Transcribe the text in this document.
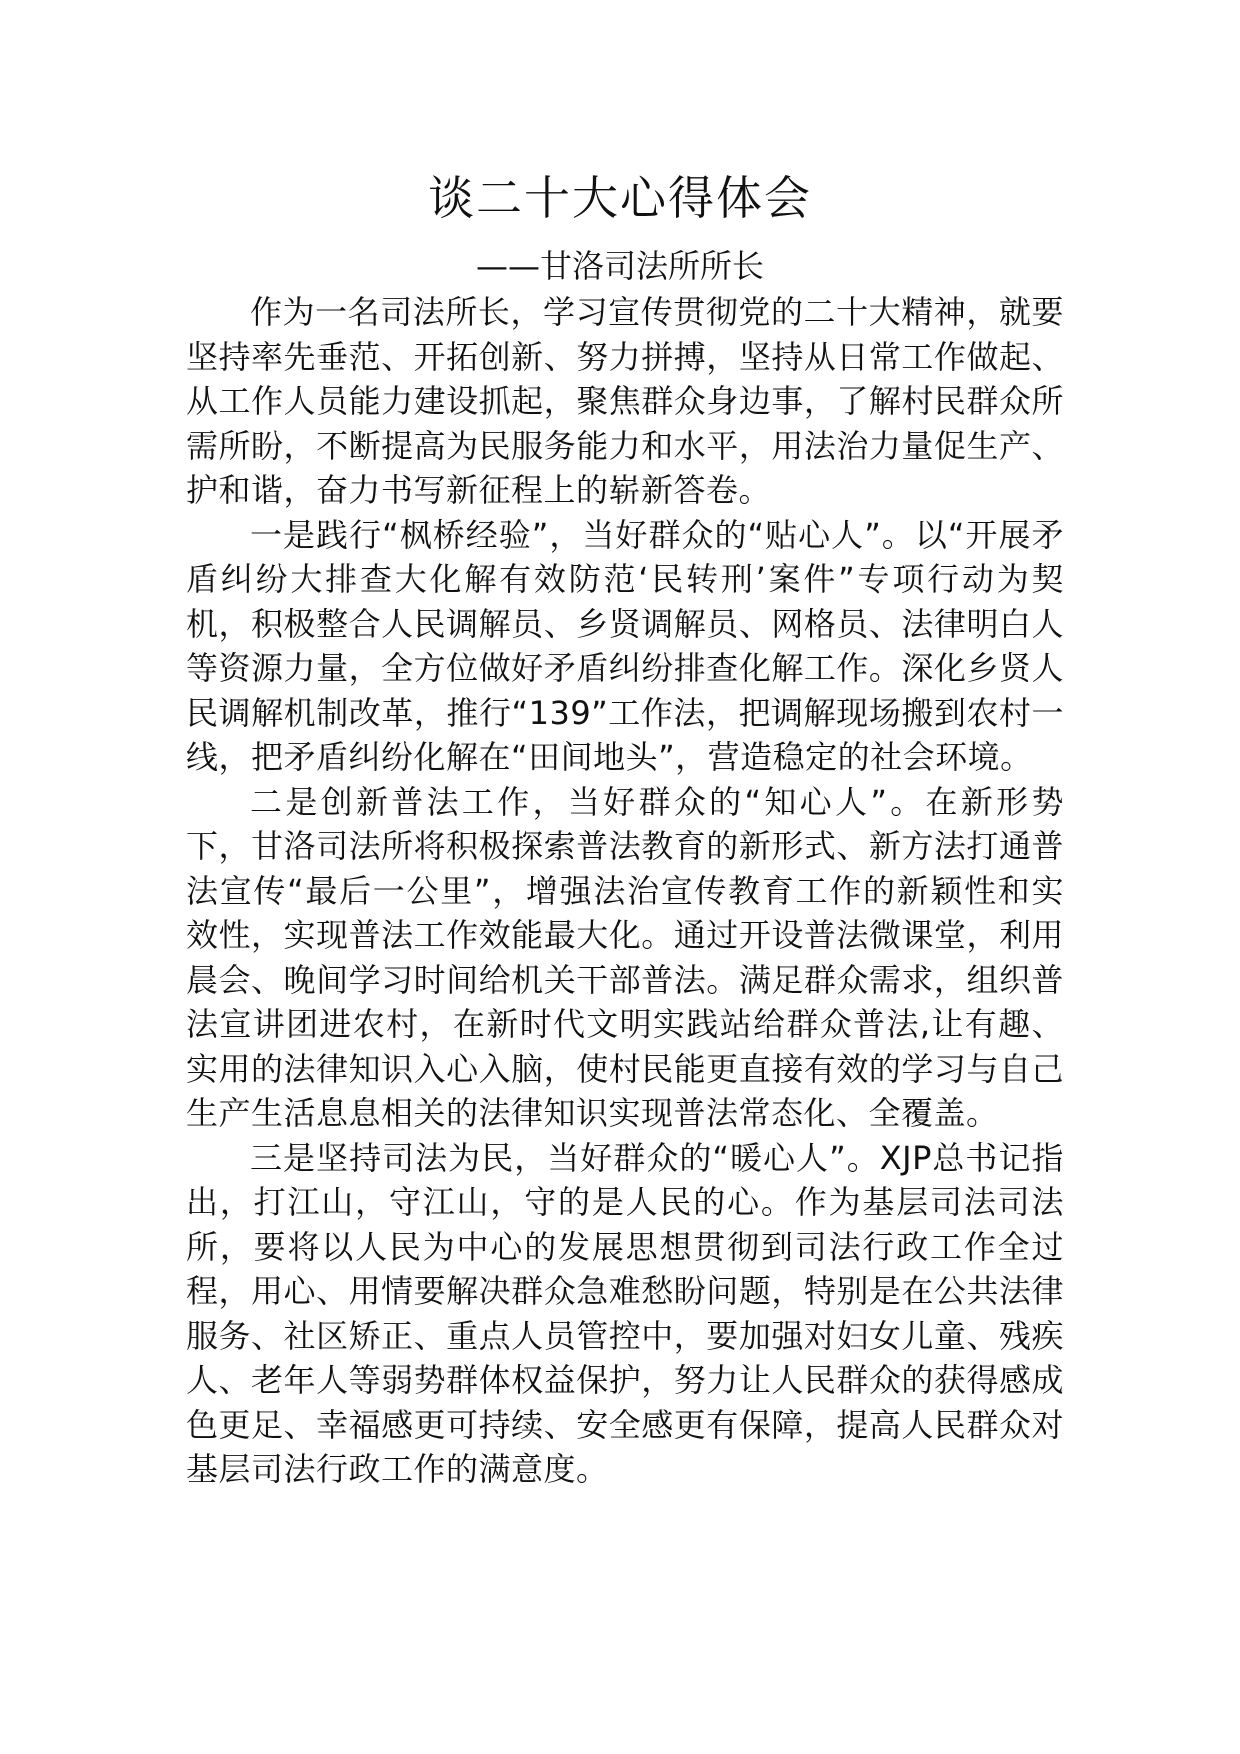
谈二十大心得体会
——甘洛司法所所长

作为一名司法所长，学习宣传贯彻党的二十大精神，就要坚持率先垂范、开拓创新、努力拼搏，坚持从日常工作做起、从工作人员能力建设抓起，聚焦群众身边事，了解村民群众所需所盼，不断提高为民服务能力和水平，用法治力量促生产、护和谐，奋力书写新征程上的崭新答卷。

一是践行“枫桥经验”，当好群众的“贴心人”。以“开展矛盾纠纷大排查大化解有效防范‘民转刑’案件”专项行动为契机，积极整合人民调解员、乡贤调解员、网格员、法律明白人等资源力量，全方位做好矛盾纠纷排查化解工作。深化乡贤人民调解机制改革，推行“139”工作法，把调解现场搬到农村一线，把矛盾纠纷化解在“田间地头”，营造稳定的社会环境。

二是创新普法工作，当好群众的“知心人”。在新形势下，甘洛司法所将积极探索普法教育的新形式、新方法打通普法宣传“最后一公里”，增强法治宣传教育工作的新颖性和实效性，实现普法工作效能最大化。通过开设普法微课堂，利用晨会、晚间学习时间给机关干部普法。满足群众需求，组织普法宣讲团进农村，在新时代文明实践站给群众普法,让有趣、实用的法律知识入心入脑，使村民能更直接有效的学习与自己生产生活息息相关的法律知识实现普法常态化、全覆盖。

三是坚持司法为民，当好群众的“暖心人”。XJP总书记指出，打江山，守江山，守的是人民的心。作为基层司法司法所，要将以人民为中心的发展思想贯彻到司法行政工作全过程，用心、用情要解决群众急难愁盼问题，特别是在公共法律服务、社区矫正、重点人员管控中，要加强对妇女儿童、残疾人、老年人等弱势群体权益保护，努力让人民群众的获得感成色更足、幸福感更可持续、安全感更有保障，提高人民群众对基层司法行政工作的满意度。
